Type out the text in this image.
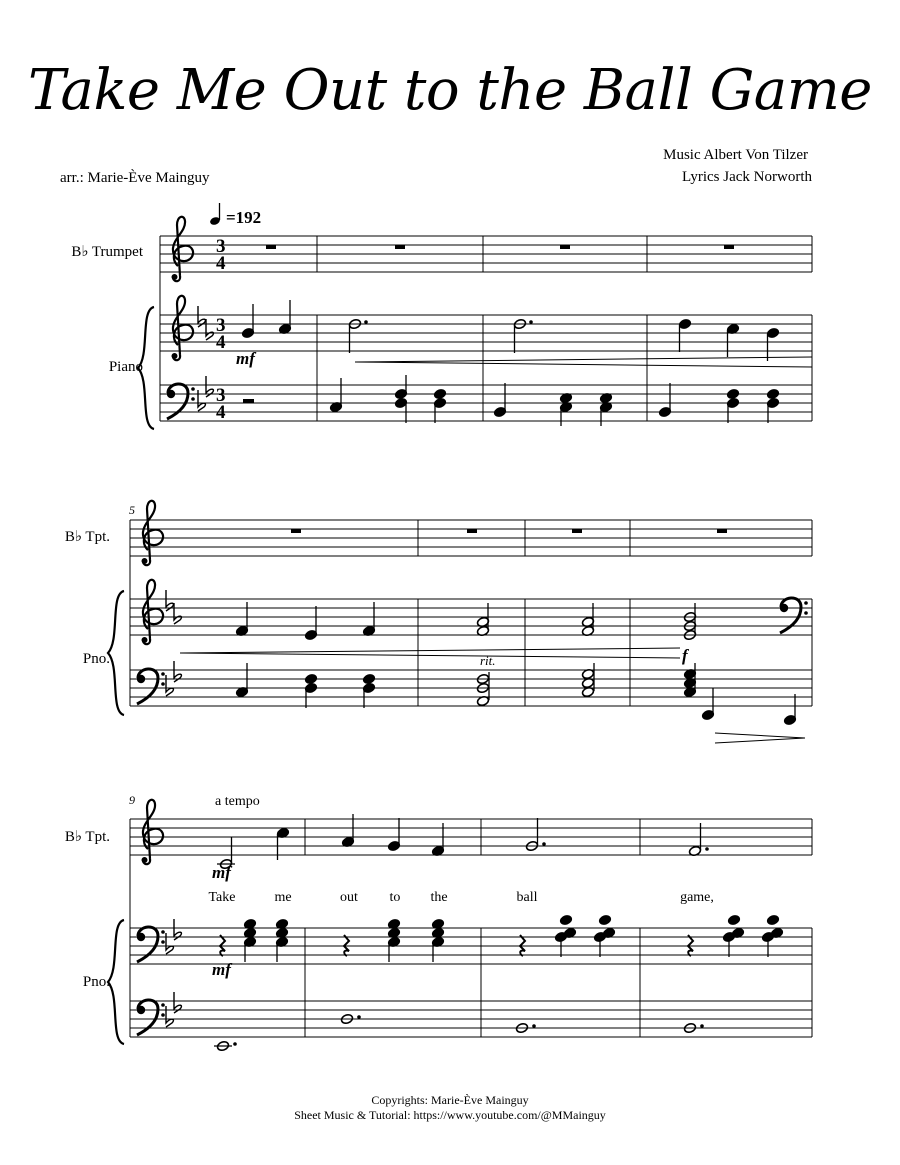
Take Me Out to the Ball Game
Music Albert Von Tilzer
Lyrics Jack Norworth
arr.: Marie-Ève Mainguy
3
4
=192
3
4
mf
3
4
B♭ Trumpet
Piano
5
f
rit.
B♭ Tpt.
Pno.
9	a tempo
mf
Take	me	out to the	ball	game,
mf
B♭ Tpt.
Pno.
Copyrights: Marie-Ève Mainguy
Sheet Music & Tutorial: https://www.youtube.com/@MMainguy
